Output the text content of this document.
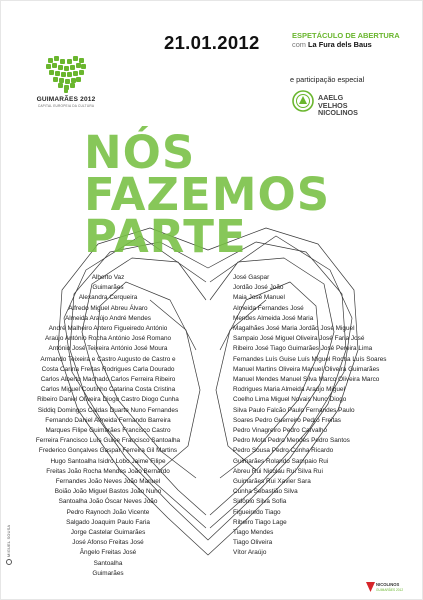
GUIMARÃES 2012
CAPITAL EUROPEIA DA CULTURA
21.01.2012	ESPETÁCULO DE ABERTURA
com La Fura dels Baus
e participação especial
AAELG
VELHOS
NICOLINOS
NÓS
FAZEMOS
PARTE
Alberto Vaz
Guimarães
Alexandra Cerqueira
Alfredo Miguel Abreu Álvaro
Almeida Araújo André Mendes
André Malheiro Antero Figueiredo António
Araújo António Rocha António José Romano
António José Teixeira António José Moura
Armando Teixeira e Castro Augusto de Castro e
Costa Carina Freitas Rodrigues Carla Dourado
Carlos Alberto Machado Carlos Ferreira Ribeiro
Carlos Miguel Coutinho Catarina Costa Cristina
Ribeiro Daniel Oliveira Diogo Castro Diogo Cunha
Siddiq Domingos Caldas Duarte Nuno Fernandes
Fernando Daniel Almeida Fernando Barreira
Marques Filipe Guimarães Francisco Castro
Ferreira Francisco Luís Guise Francisco Santoalha
Frederico Gonçalves Gaspar Ferreira Gil Martins
Hugo Santoalha Isidro Lobo Jaime Filipe
Freitas João Rocha Mendes João Bernardo
Fernandes João Neves João Manuel
Boião João Miguel Bastos João Nuno
Santoalha João Óscar Neves João
Pedro Raynoch João Vicente
Salgado Joaquim Paulo Faria
Jorge Castelar Guimarães
José Afonso Freitas José
Ângelo Freitas José
Santoalha
Guimarães
José Gaspar
Jordão José João
Maia José Manuel
Almeida Fernandes José
Mendes Almeida José Maria
Magalhães José Maria Jordão José Miguel
Sampaio José Miguel Oliveira José Faria José
Ribeiro José Tiago Guimarães José Pereira Lima
Fernandes Luís Guise Luís Miguel Rocha Luís Soares
Manuel Martins Oliveira Manuel Oliveira Guimarães
Manuel Mendes Manuel Silva Marco Oliveira Marco
Rodrigues Maria Almeida Araújo Miguel
Coelho Lima Miguel Novais Nuno Diogo
Silva Paulo Falcão Paulo Fernandes Paulo
Soares Pedro Guerreiro Pedro Freitas
Pedro Vinagreiro Pedro Carvalho
Pedro Mota Pedro Mendes Pedro Santos
Pedro Sousa Pedro Cunha Ricardo
Guimarães Rolando Sampaio Rui
Abreu Rui Nicolau Rui Silva Rui
Guimarães Rui Xavier Sara
Cunha Sebastião Silva
Sidónio Silva Sofia
Figueiredo Tiago
Ribeiro Tiago Lage
Tiago Mendes
Tiago Oliveira
Vítor Araújo
MIGUEL SOUSA
NICOLINOS
GUIMARÃES 2012
